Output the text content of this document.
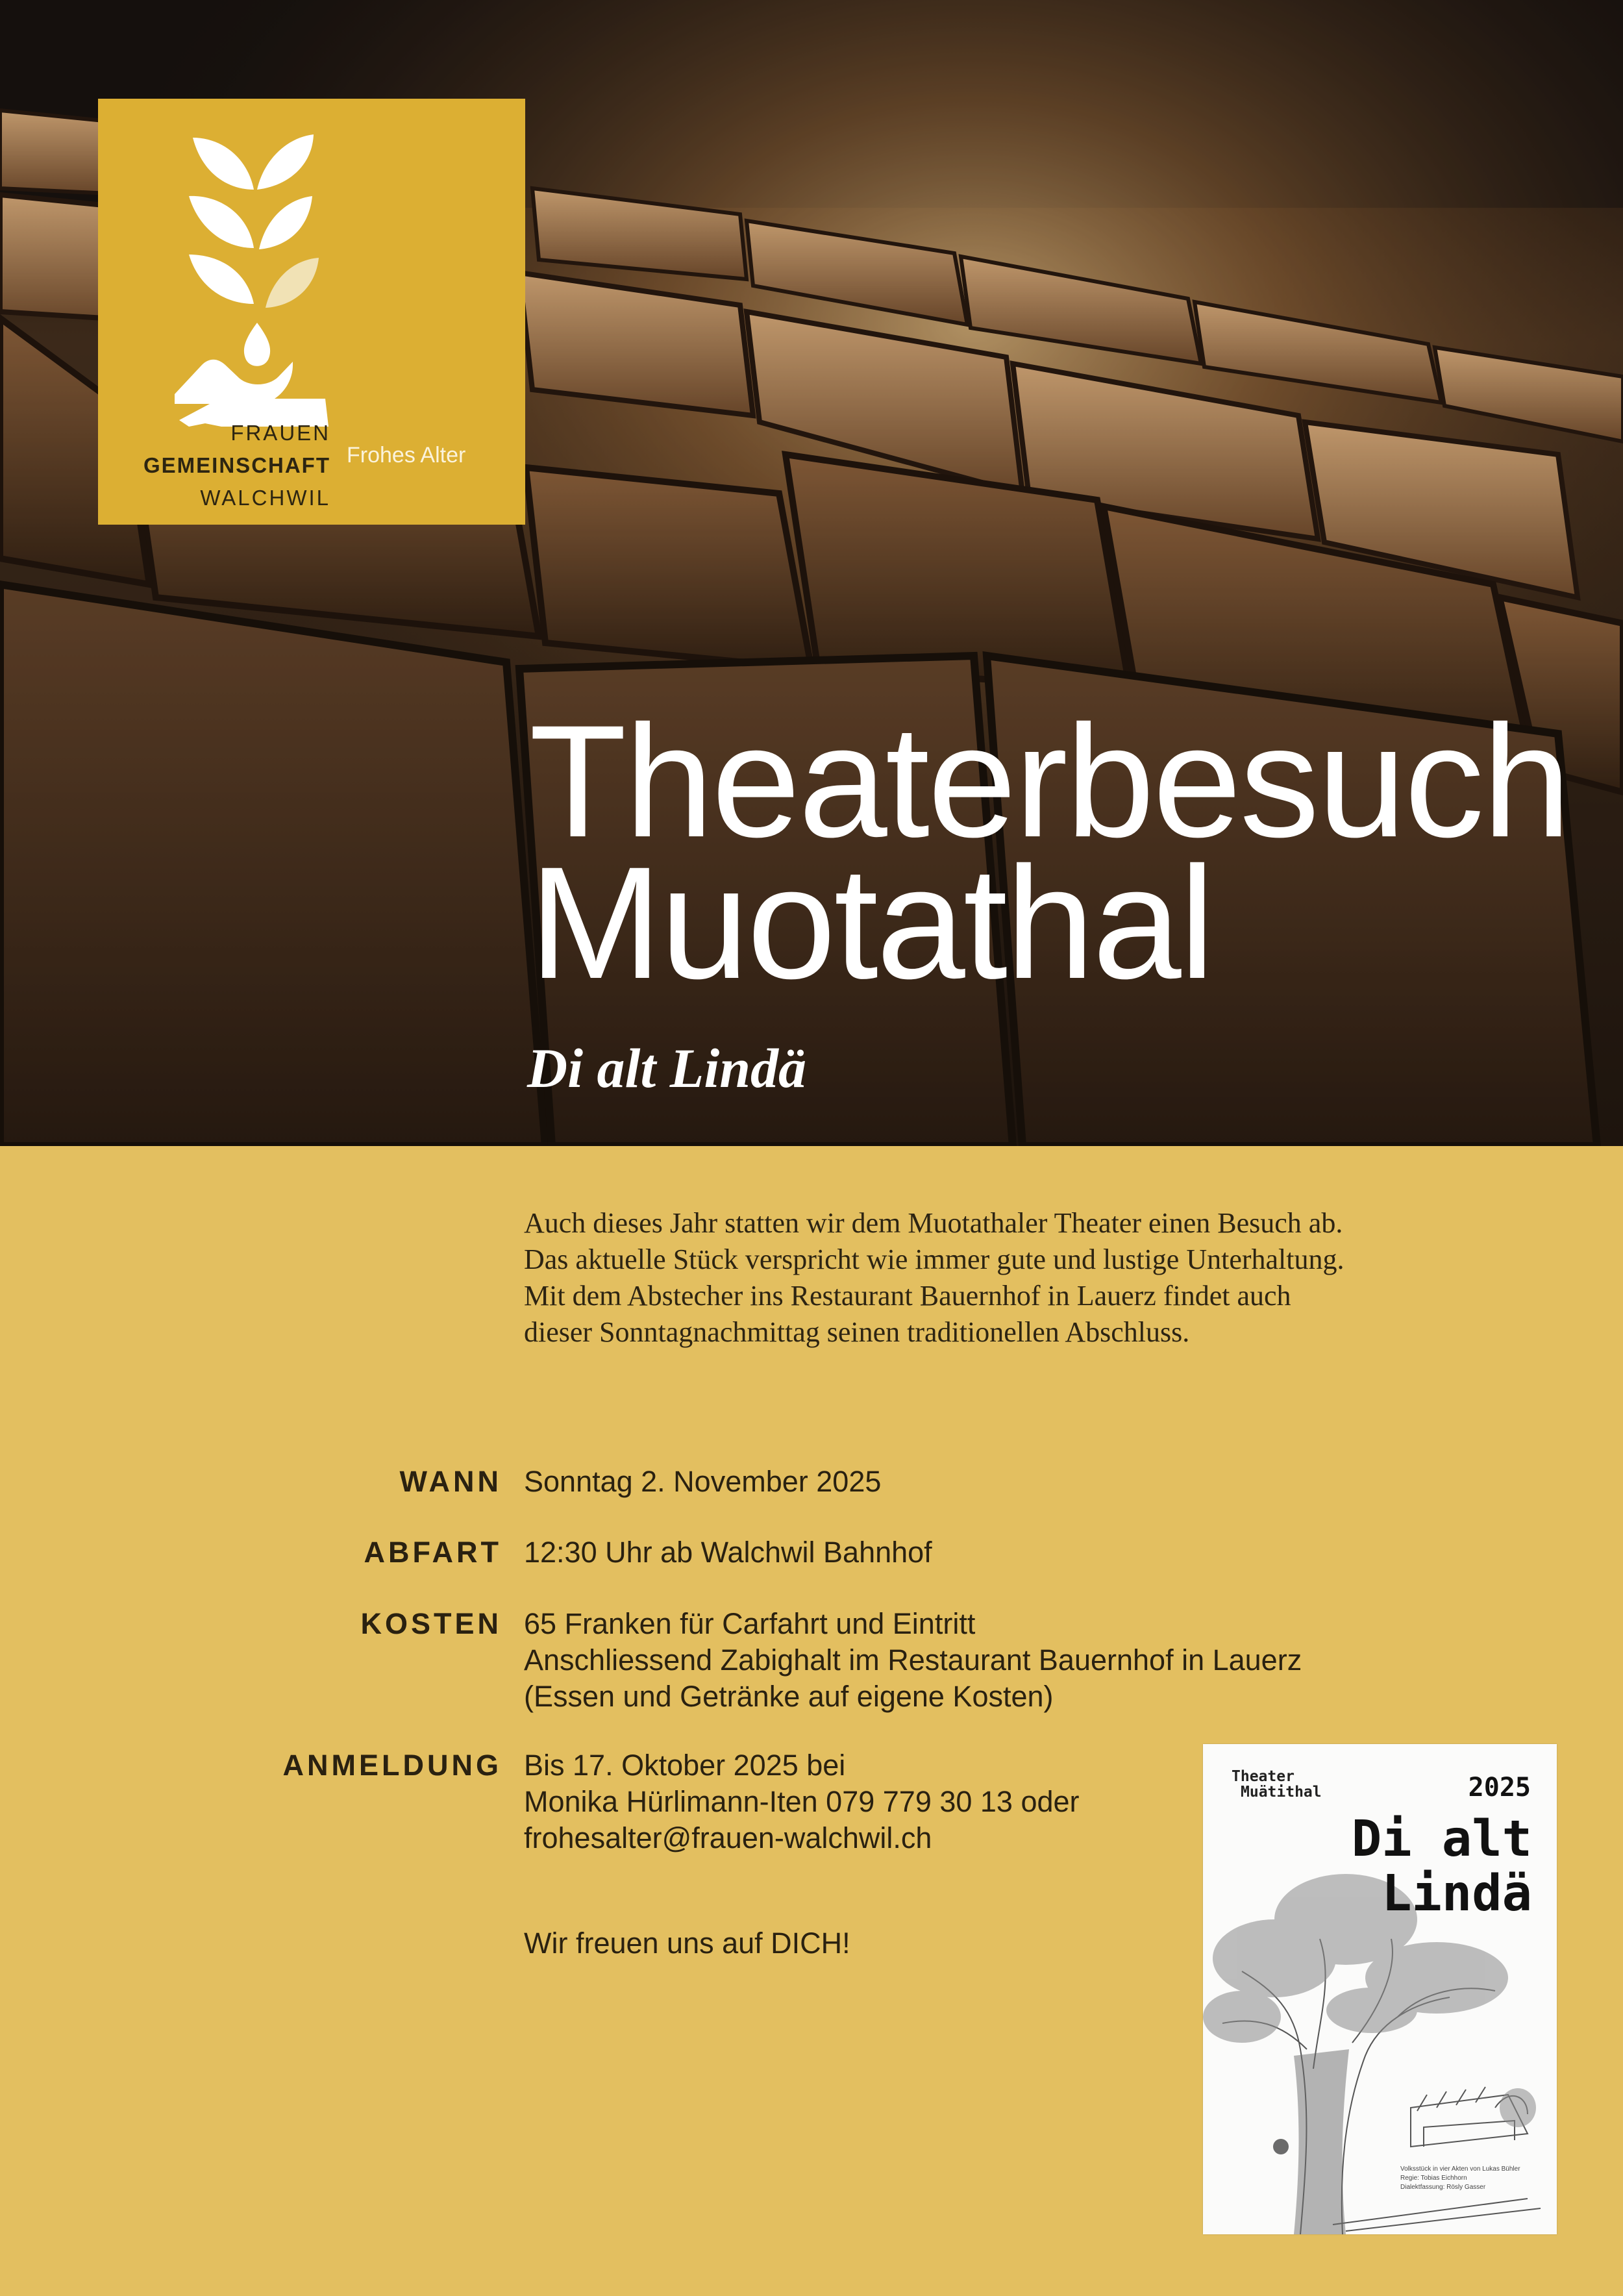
FRAUEN
GEMEINSCHAFT
WALCHWIL
Frohes Alter
Theaterbesuch
Muotathal
Di alt Lindä

Auch dieses Jahr statten wir dem Muotathaler Theater einen Besuch ab.

Das aktuelle Stück verspricht wie immer gute und lustige Unterhaltung.

Mit dem Abstecher ins Restaurant Bauernhof in Lauerz findet auch

dieser Sonntagnachmittag seinen traditionellen Abschluss.

WANN Sonntag 2. November 2025
ABFART 12:30 Uhr ab Walchwil Bahnhof
KOSTEN 65 Franken für Carfahrt und Eintritt
Anschliessend Zabighalt im Restaurant Bauernhof in Lauerz
(Essen und Getränke auf eigene Kosten)
ANMELDUNG Bis 17. Oktober 2025 bei
Monika Hürlimann-Iten 079 779 30 13 oder
frohesalter@frauen-walchwil.ch
Wir freuen uns auf DICH!
Theater
Muätithal	2025
Di alt
Lindä
Volksstück in vier Akten von Lukas Bühler
Regie: Tobias Eichhorn
Dialektfassung: Rösly Gasser
